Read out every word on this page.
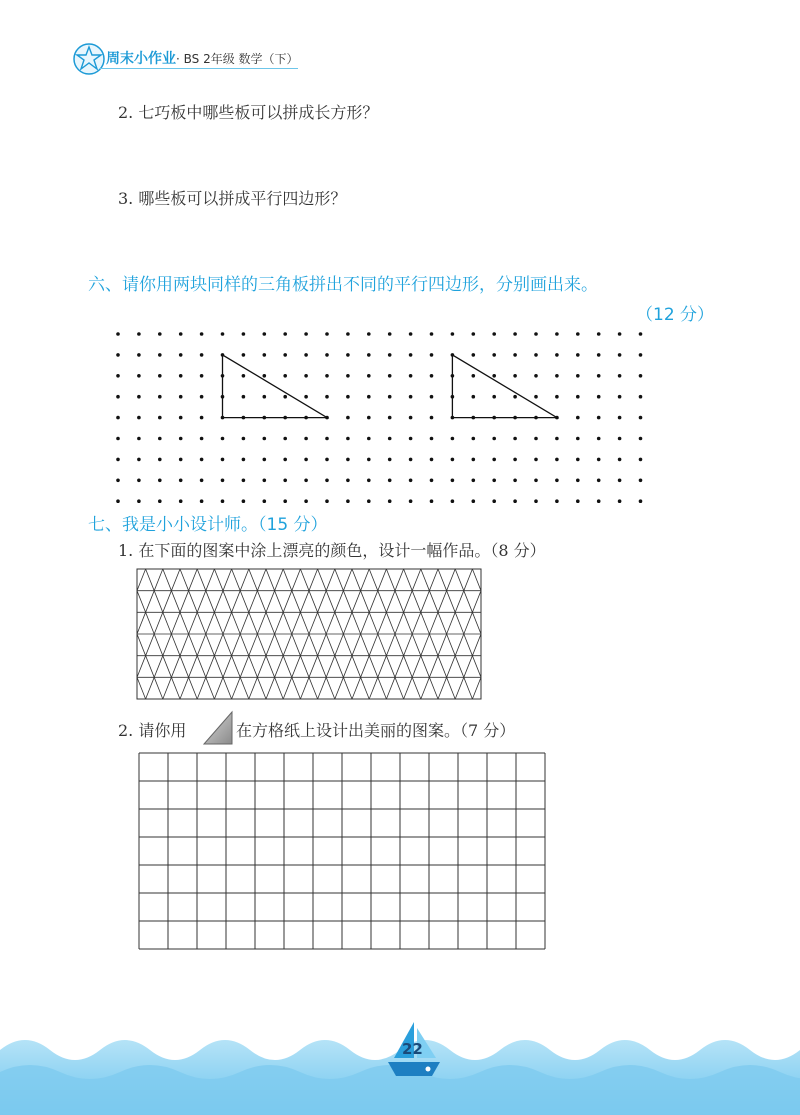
周末小作业· BS 2年级 数学（下）
2. 七巧板中哪些板可以拼成长方形？
3. 哪些板可以拼成平行四边形？
六、请你用两块同样的三角板拼出不同的平行四边形，分别画出来。
（12 分）
七、我是小小设计师。（15 分）
1. 在下面的图案中涂上漂亮的颜色，设计一幅作品。（8 分）
2. 请你用	在方格纸上设计出美丽的图案。（7 分）
22
